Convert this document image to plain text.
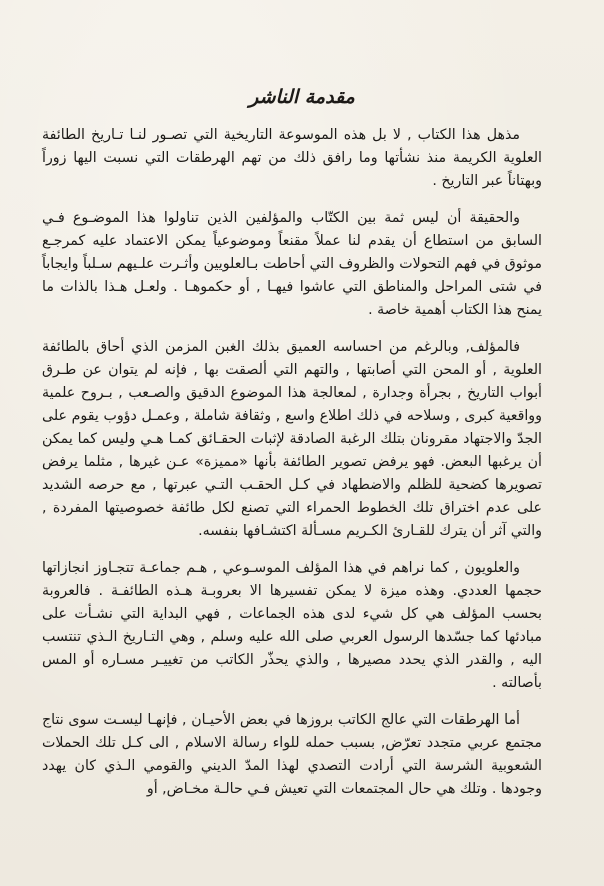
مقدمة الناشر

مذهل هذا الكتاب , لا بل هذه الموسوعة التاريخية التي تصـور لنـا تـاريخ الطائفة العلوية الكريمة منذ نشأتها وما رافق ذلك من تهم الهرطقات التي نسبت اليها زوراً وبهتاناً عبر التاريخ .

والحقيقة أن ليس ثمة بين الكتّاب والمؤلفين الذين تناولوا هذا الموضـوع فـي السابق من استطاع أن يقدم لنا عملاً مقنعاً وموضوعياً يمكن الاعتماد عليه كمرجـع موثوق في فهم التحولات والظروف التي أحاطت بـالعلويين وأثـرت علـيهم سـلباً وايجاباً في شتى المراحل والمناطق التي عاشوا فيهـا , أو حكموهـا . ولعـل هـذا بالذات ما يمنح هذا الكتاب أهمية خاصة .

فالمؤلف, وبالرغم من احساسه العميق بذلك الغبن المزمن الذي أحاق بالطائفة العلوية , أو المحن التي أصابتها , والتهم التي ألصقت بها , فإنه لم يتوان عن طـرق أبواب التاريخ , بجرأة وجدارة , لمعالجة هذا الموضوع الدقيق والصـعب , بـروح علمية وواقعية كبرى , وسلاحه في ذلك اطلاع واسع , وثقافة شاملة , وعمـل دؤوب يقوم على الجدّ والاجتهاد مقرونان بتلك الرغبة الصادقة لإثبات الحقـائق كمـا هـي وليس كما يمكن أن يرغبها البعض. فهو يرفض تصوير الطائفة بأنها «مميزة» عـن غيرها , مثلما يرفض تصويرها كضحية للظلم والاضطهاد في كـل الحقـب التـي عبرتها , مع حرصه الشديد على عدم اختراق تلك الخطوط الحمراء التي تصنع لكل طائفة خصوصيتها المفردة , والتي آثر أن يترك للقـارئ الكـريم مسـألة اكتشـافها بنفسه.

والعلويون , كما نراهم في هذا المؤلف الموسـوعي , هـم جماعـة تتجـاوز انجازاتها حجمها العددي. وهذه ميزة لا يمكن تفسيرها الا بعروبـة هـذه الطائفـة . فالعروبة بحسب المؤلف هي كل شيء لدى هذه الجماعات , فهي البداية التي نشـأت على مبادئها كما جسّدها الرسول العربي صلى الله عليه وسلم , وهي التـاريخ الـذي تنتسب اليه , والقدر الذي يحدد مصيرها , والذي يحذّر الكاتب من تغييـر مسـاره أو المس بأصالته .

أما الهرطقات التي عالج الكاتب بروزها في بعض الأحيـان , فإنهـا ليسـت سوى نتاج مجتمع عربي متجدد تعرّض, بسبب حمله للواء رسالة الاسلام , الى كـل تلك الحملات الشعوبية الشرسة التي أرادت التصدي لهذا المدّ الديني والقومي الـذي كان يهدد وجودها . وتلك هي حال المجتمعات التي تعيش فـي حالـة مخـاض, أو
